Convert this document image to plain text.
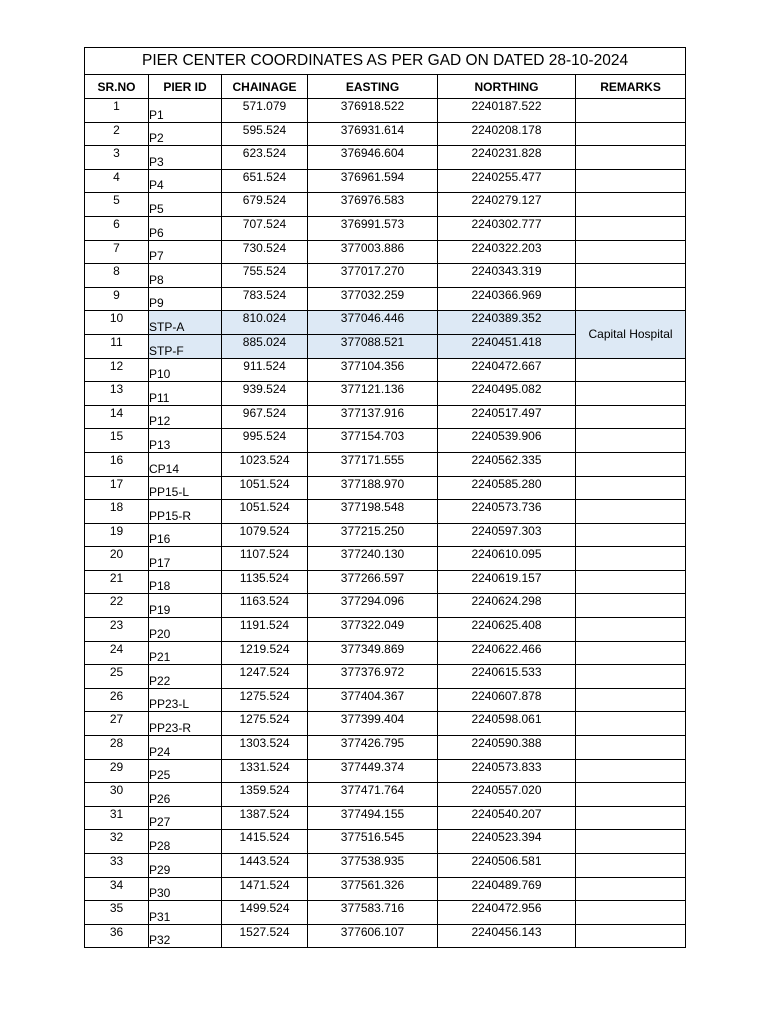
PIER CENTER COORDINATES AS PER GAD ON DATED 28-10-2024					
SR.NO	PIER ID	CHAINAGE	EASTING	NORTHING	REMARKS
1	P1	571.079	376918.522	2240187.522	
2	P2	595.524	376931.614	2240208.178	
3	P3	623.524	376946.604	2240231.828	
4	P4	651.524	376961.594	2240255.477	
5	P5	679.524	376976.583	2240279.127	
6	P6	707.524	376991.573	2240302.777	
7	P7	730.524	377003.886	2240322.203	
8	P8	755.524	377017.270	2240343.319	
9	P9	783.524	377032.259	2240366.969	
10	STP-A	810.024	377046.446	2240389.352	Capital Hospital
11	STP-F	885.024	377088.521	2240451.418	
12	P10	911.524	377104.356	2240472.667	
13	P11	939.524	377121.136	2240495.082	
14	P12	967.524	377137.916	2240517.497	
15	P13	995.524	377154.703	2240539.906	
16	CP14	1023.524	377171.555	2240562.335	
17	PP15-L	1051.524	377188.970	2240585.280	
18	PP15-R	1051.524	377198.548	2240573.736	
19	P16	1079.524	377215.250	2240597.303	
20	P17	1107.524	377240.130	2240610.095	
21	P18	1135.524	377266.597	2240619.157	
22	P19	1163.524	377294.096	2240624.298	
23	P20	1191.524	377322.049	2240625.408	
24	P21	1219.524	377349.869	2240622.466	
25	P22	1247.524	377376.972	2240615.533	
26	PP23-L	1275.524	377404.367	2240607.878	
27	PP23-R	1275.524	377399.404	2240598.061	
28	P24	1303.524	377426.795	2240590.388	
29	P25	1331.524	377449.374	2240573.833	
30	P26	1359.524	377471.764	2240557.020	
31	P27	1387.524	377494.155	2240540.207	
32	P28	1415.524	377516.545	2240523.394	
33	P29	1443.524	377538.935	2240506.581	
34	P30	1471.524	377561.326	2240489.769	
35	P31	1499.524	377583.716	2240472.956	
36	P32	1527.524	377606.107	2240456.143	
